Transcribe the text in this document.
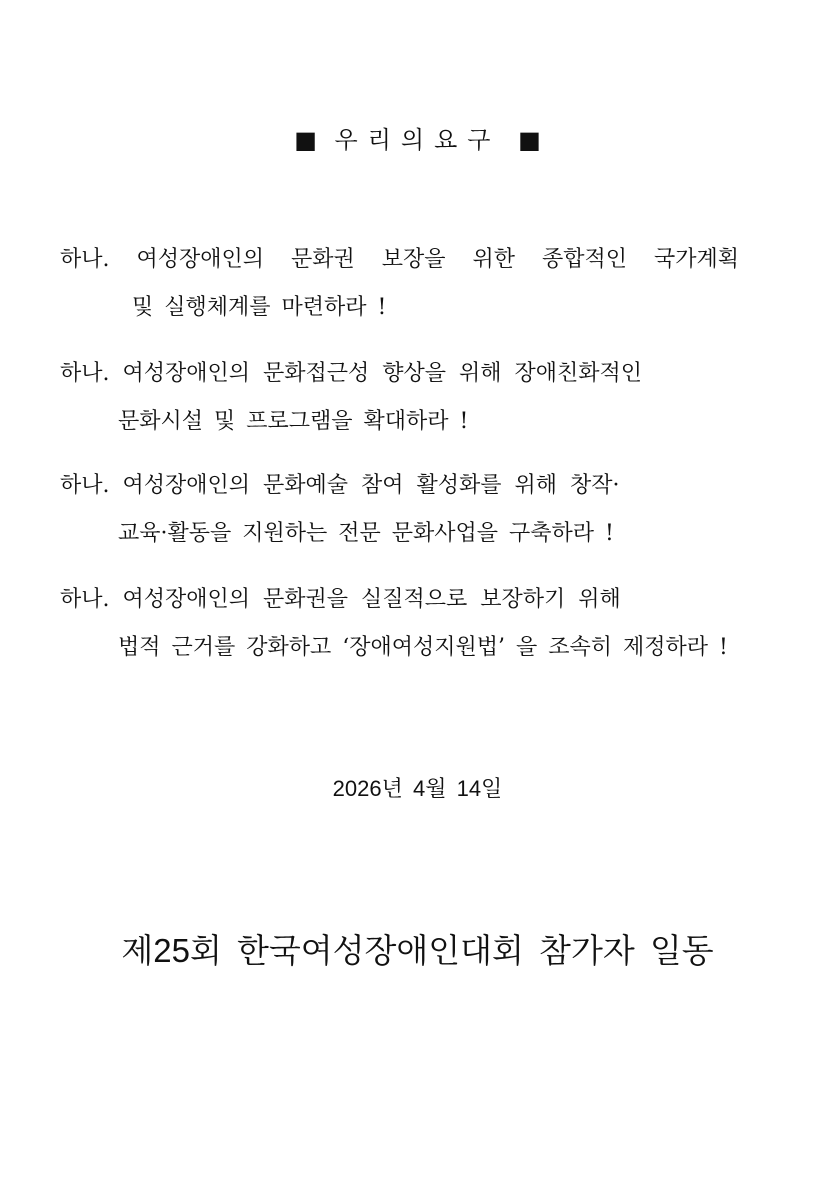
■ 우리의요구 ■
하나. 여성장애인의 문화권 보장을 위한 종합적인 국가계획
및 실행체계를 마련하라 !
하나. 여성장애인의 문화접근성 향상을 위해 장애친화적인
문화시설 및 프로그램을 확대하라 !
하나. 여성장애인의 문화예술 참여 활성화를 위해 창작·
교육·활동을 지원하는 전문 문화사업을 구축하라 !
하나. 여성장애인의 문화권을 실질적으로 보장하기 위해
법적 근거를 강화하고 ‘장애여성지원법’ 을 조속히 제정하라 !
2026년 4월 14일
제25회 한국여성장애인대회 참가자 일동
